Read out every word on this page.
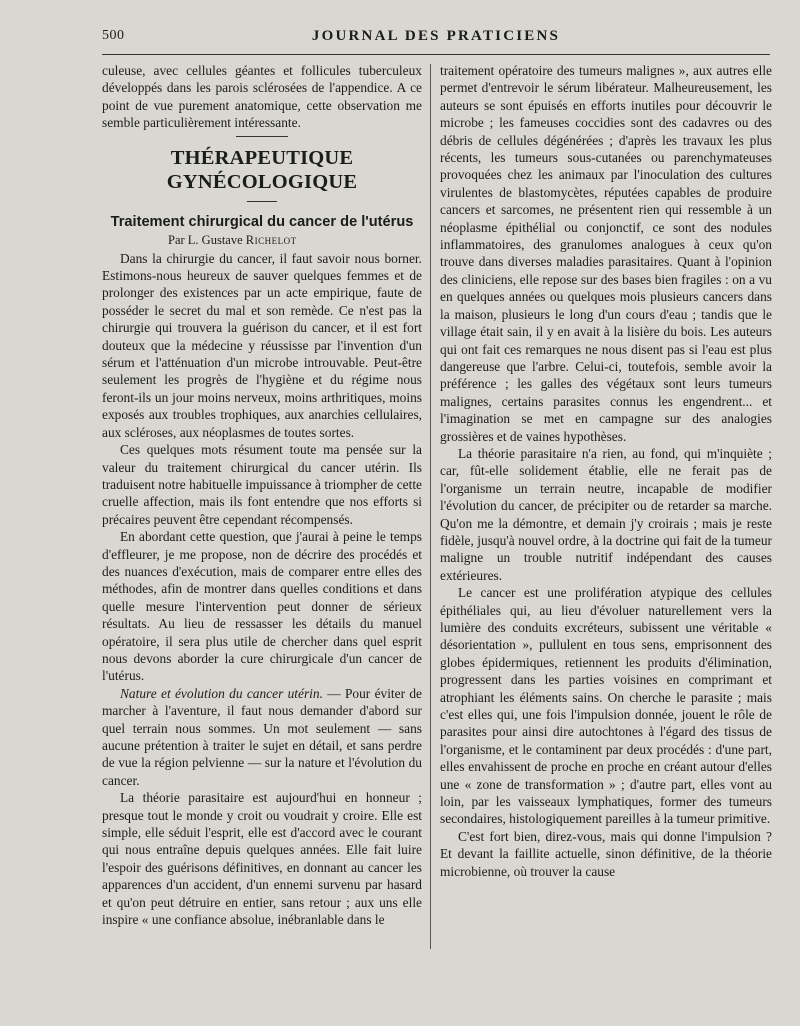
500	JOURNAL DES PRATICIENS

culeuse, avec cellules géantes et follicules tuberculeux développés dans les parois sclérosées de l'appendice. A ce point de vue purement anatomique, cette observation me semble particulièrement intéressante.

THÉRAPEUTIQUE GYNÉCOLOGIQUE
Traitement chirurgical du cancer de l'utérus
Par L. Gustave Richelot

Dans la chirurgie du cancer, il faut savoir nous borner. Estimons-nous heureux de sauver quelques femmes et de prolonger des existences par un acte empirique, faute de posséder le secret du mal et son remède. Ce n'est pas la chirurgie qui trouvera la guérison du cancer, et il est fort douteux que la médecine y réussisse par l'invention d'un sérum et l'atténuation d'un microbe introuvable. Peut-être seulement les progrès de l'hygiène et du régime nous feront-ils un jour moins nerveux, moins arthritiques, moins exposés aux troubles trophiques, aux anarchies cellulaires, aux scléroses, aux néoplasmes de toutes sortes.

Ces quelques mots résument toute ma pensée sur la valeur du traitement chirurgical du cancer utérin. Ils traduisent notre habituelle impuissance à triompher de cette cruelle affection, mais ils font entendre que nos efforts si précaires peuvent être cependant récompensés.

En abordant cette question, que j'aurai à peine le temps d'effleurer, je me propose, non de décrire des procédés et des nuances d'exécution, mais de comparer entre elles des méthodes, afin de montrer dans quelles conditions et dans quelle mesure l'intervention peut donner de sérieux résultats. Au lieu de ressasser les détails du manuel opératoire, il sera plus utile de chercher dans quel esprit nous devons aborder la cure chirurgicale d'un cancer de l'utérus.

Nature et évolution du cancer utérin. — Pour éviter de marcher à l'aventure, il faut nous demander d'abord sur quel terrain nous sommes. Un mot seulement — sans aucune prétention à traiter le sujet en détail, et sans perdre de vue la région pelvienne — sur la nature et l'évolution du cancer.

La théorie parasitaire est aujourd'hui en honneur ; presque tout le monde y croit ou voudrait y croire. Elle est simple, elle séduit l'esprit, elle est d'accord avec le courant qui nous entraîne depuis quelques années. Elle fait luire l'espoir des guérisons définitives, en donnant au cancer les apparences d'un accident, d'un ennemi survenu par hasard et qu'on peut détruire en entier, sans retour ; aux uns elle inspire « une confiance absolue, inébranlable dans le

traitement opératoire des tumeurs malignes », aux autres elle permet d'entrevoir le sérum libérateur. Malheureusement, les auteurs se sont épuisés en efforts inutiles pour découvrir le microbe ; les fameuses coccidies sont des cadavres ou des débris de cellules dégénérées ; d'après les travaux les plus récents, les tumeurs sous-cutanées ou parenchymateuses provoquées chez les animaux par l'inoculation des cultures virulentes de blastomycètes, réputées capables de produire cancers et sarcomes, ne présentent rien qui ressemble à un néoplasme épithélial ou conjonctif, ce sont des nodules inflammatoires, des granulomes analogues à ceux qu'on trouve dans diverses maladies parasitaires. Quant à l'opinion des cliniciens, elle repose sur des bases bien fragiles : on a vu en quelques années ou quelques mois plusieurs cancers dans la maison, plusieurs le long d'un cours d'eau ; tandis que le village était sain, il y en avait à la lisière du bois. Les auteurs qui ont fait ces remarques ne nous disent pas si l'eau est plus dangereuse que l'arbre. Celui-ci, toutefois, semble avoir la préférence ; les galles des végétaux sont leurs tumeurs malignes, certains parasites connus les engendrent... et l'imagination se met en campagne sur des analogies grossières et de vaines hypothèses.

La théorie parasitaire n'a rien, au fond, qui m'inquiète ; car, fût-elle solidement établie, elle ne ferait pas de l'organisme un terrain neutre, incapable de modifier l'évolution du cancer, de précipiter ou de retarder sa marche. Qu'on me la démontre, et demain j'y croirais ; mais je reste fidèle, jusqu'à nouvel ordre, à la doctrine qui fait de la tumeur maligne un trouble nutritif indépendant des causes extérieures.

Le cancer est une prolifération atypique des cellules épithéliales qui, au lieu d'évoluer naturellement vers la lumière des conduits excréteurs, subissent une véritable « désorientation », pullulent en tous sens, emprisonnent des globes épidermiques, retiennent les produits d'élimination, progressent dans les parties voisines en comprimant et atrophiant les éléments sains. On cherche le parasite ; mais c'est elles qui, une fois l'impulsion donnée, jouent le rôle de parasites pour ainsi dire autochtones à l'égard des tissus de l'organisme, et le contaminent par deux procédés : d'une part, elles envahissent de proche en proche en créant autour d'elles une « zone de transformation » ; d'autre part, elles vont au loin, par les vaisseaux lymphatiques, former des tumeurs secondaires, histologiquement pareilles à la tumeur primitive.

C'est fort bien, direz-vous, mais qui donne l'impulsion ? Et devant la faillite actuelle, sinon définitive, de la théorie microbienne, où trouver la cause
